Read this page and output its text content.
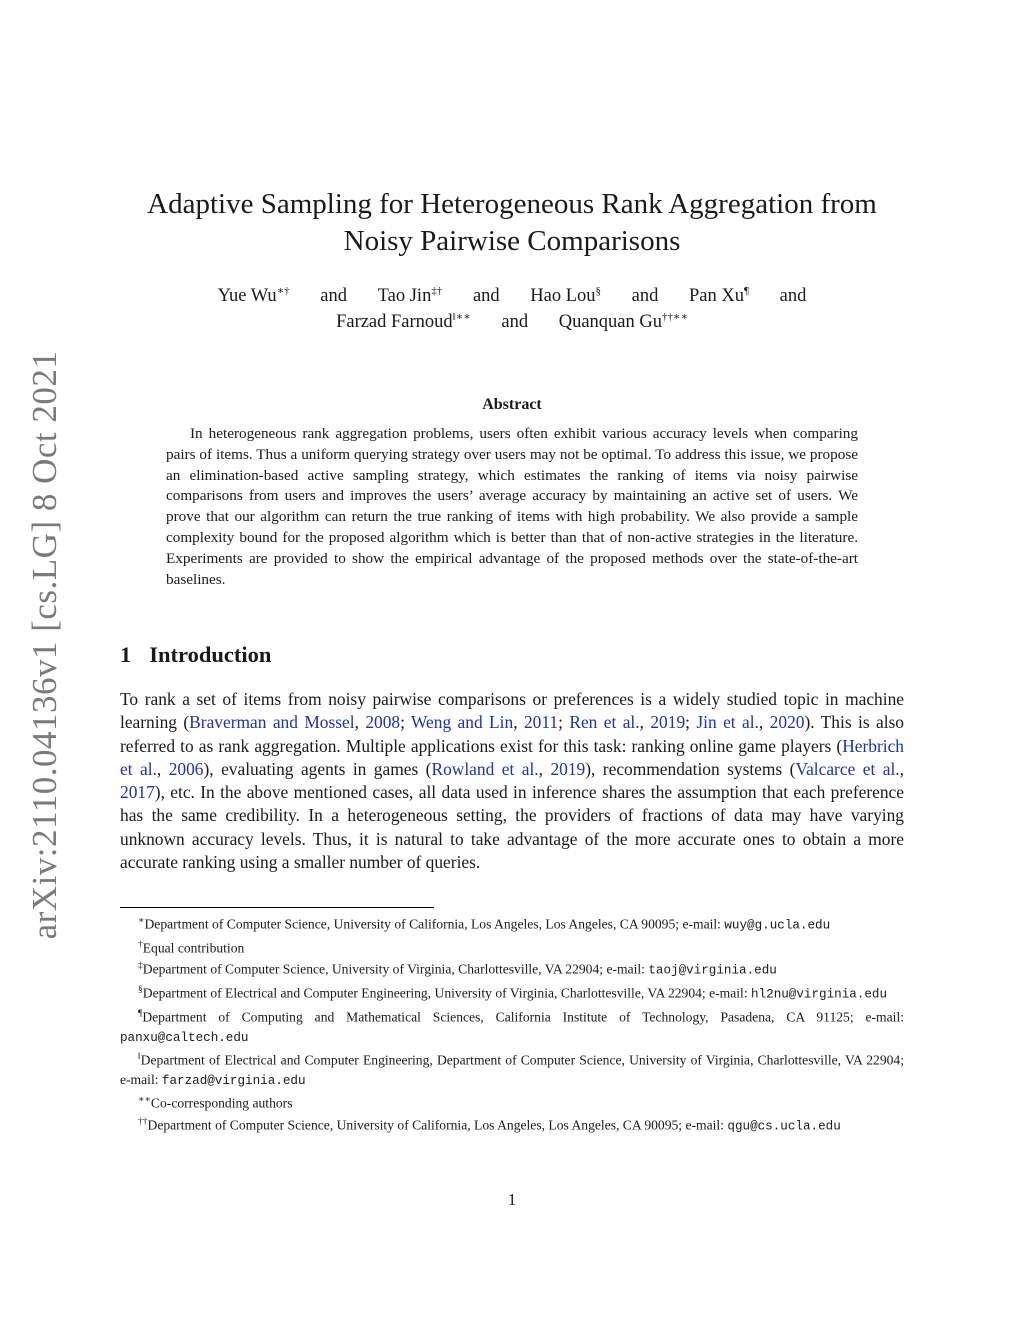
arXiv:2110.04136v1 [cs.LG] 8 Oct 2021
Adaptive Sampling for Heterogeneous Rank Aggregation from
Noisy Pairwise Comparisons
Yue Wu∗† and Tao Jin‡† and Hao Lou§ and Pan Xu¶ and
Farzad Farnoud‖∗∗ and Quanquan Gu††∗∗
Abstract

In heterogeneous rank aggregation problems, users often exhibit various accuracy levels when comparing pairs of items. Thus a uniform querying strategy over users may not be optimal. To address this issue, we propose an elimination-based active sampling strategy, which estimates the ranking of items via noisy pairwise comparisons from users and improves the users’ average accuracy by maintaining an active set of users. We prove that our algorithm can return the true ranking of items with high probability. We also provide a sample complexity bound for the proposed algorithm which is better than that of non-active strategies in the literature. Experiments are provided to show the empirical advantage of the proposed methods over the state-of-the-art baselines.

1 Introduction

To rank a set of items from noisy pairwise comparisons or preferences is a widely studied topic in machine learning (Braverman and Mossel, 2008; Weng and Lin, 2011; Ren et al., 2019; Jin et al., 2020). This is also referred to as rank aggregation. Multiple applications exist for this task: ranking online game players (Herbrich et al., 2006), evaluating agents in games (Rowland et al., 2019), recommendation systems (Valcarce et al., 2017), etc. In the above mentioned cases, all data used in inference shares the assumption that each preference has the same credibility. In a heterogeneous setting, the providers of fractions of data may have varying unknown accuracy levels. Thus, it is natural to take advantage of the more accurate ones to obtain a more accurate ranking using a smaller number of queries.

∗Department of Computer Science, University of California, Los Angeles, Los Angeles, CA 90095; e-mail: wuy@g.ucla.edu

†Equal contribution

‡Department of Computer Science, University of Virginia, Charlottesville, VA 22904; e-mail: taoj@virginia.edu

§Department of Electrical and Computer Engineering, University of Virginia, Charlottesville, VA 22904; e-mail: hl2nu@virginia.edu

¶Department of Computing and Mathematical Sciences, California Institute of Technology, Pasadena, CA 91125; e-mail: panxu@caltech.edu

‖Department of Electrical and Computer Engineering, Department of Computer Science, University of Virginia, Charlottesville, VA 22904; e-mail: farzad@virginia.edu

∗∗Co-corresponding authors

††Department of Computer Science, University of California, Los Angeles, Los Angeles, CA 90095; e-mail: qgu@cs.ucla.edu

1
